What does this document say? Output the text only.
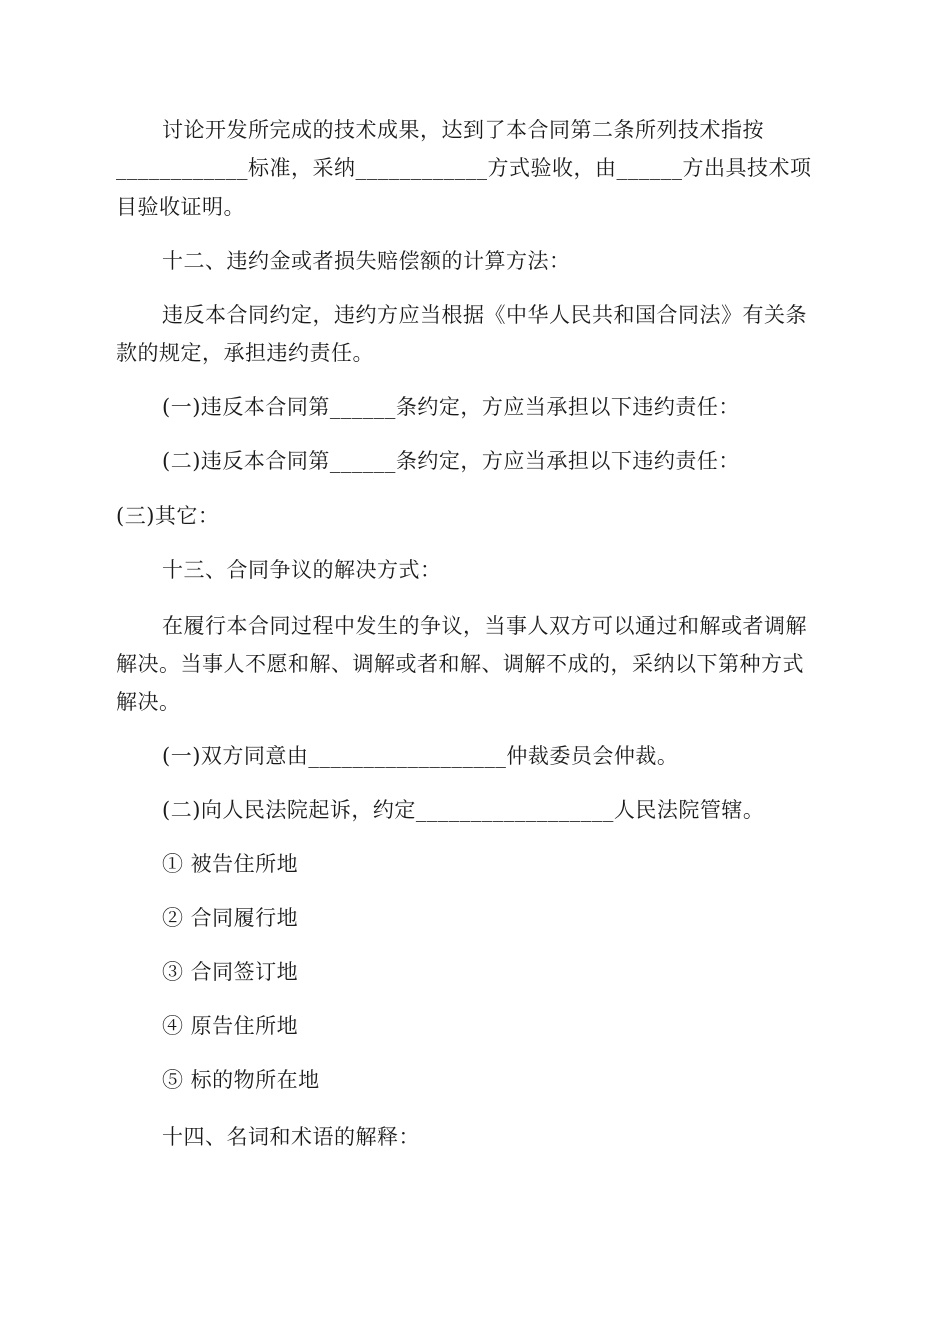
讨论开发所完成的技术成果，达到了本合同第二条所列技术指按
____________标准，采纳____________方式验收，由______方出具技术项
目验收证明。
十二、违约金或者损失赔偿额的计算方法：
违反本合同约定，违约方应当根据《中华人民共和国合同法》有关条
款的规定，承担违约责任。
(一)违反本合同第______条约定，方应当承担以下违约责任：
(二)违反本合同第______条约定，方应当承担以下违约责任：
(三)其它：
十三、合同争议的解决方式：
在履行本合同过程中发生的争议，当事人双方可以通过和解或者调解
解决。当事人不愿和解、调解或者和解、调解不成的，采纳以下第种方式
解决。
(一)双方同意由__________________仲裁委员会仲裁。
(二)向人民法院起诉，约定__________________人民法院管辖。
① 被告住所地
② 合同履行地
③ 合同签订地
④ 原告住所地
⑤ 标的物所在地
十四、名词和术语的解释：
